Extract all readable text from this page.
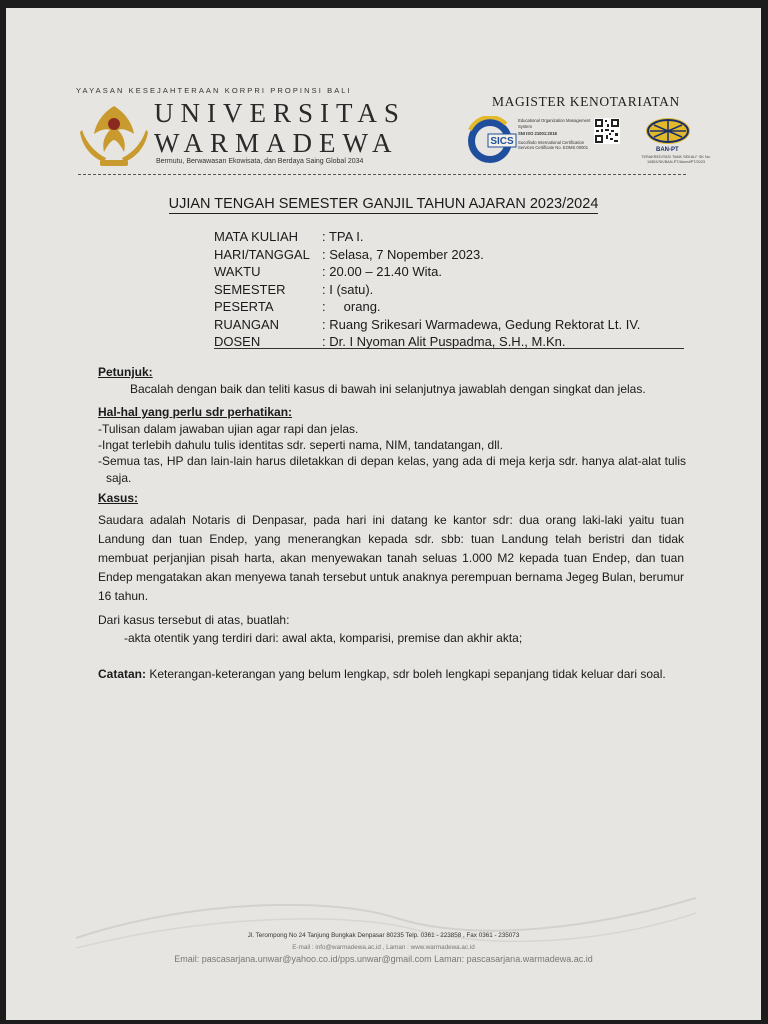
YAYASAN KESEJAHTERAAN KORPRI PROPINSI BALI
UNIVERSITAS
WARMADEWA
Bermutu, Berwawasan Ekowisata, dan Berdaya Saing Global 2034
MAGISTER KENOTARIATAN
SICS
Educational Organization Management System
SNI ISO 21001:2018
Sucofindo International Certification Services Certificate No. EOMS 00001	BAN-PT
TERAKREDITASI "BAIK SEKALI" SK No. 10853/SK/BAN-PT/Akred/PT/2023
UJIAN TENGAH SEMESTER GANJIL TAHUN AJARAN 2023/2024
MATA KULIAH : TPA I.
HARI/TANGGAL : Selasa, 7 Nopember 2023.
WAKTU	: 20.00 – 21.40 Wita.
SEMESTER	: I (satu).
PESERTA	:     orang.
RUANGAN	: Ruang Srikesari Warmadewa, Gedung Rektorat Lt. IV.
DOSEN	: Dr. I Nyoman Alit Puspadma, S.H., M.Kn.
Petunjuk:
Bacalah dengan baik dan teliti kasus di bawah ini selanjutnya jawablah dengan singkat dan jelas.
Hal-hal yang perlu sdr perhatikan:
-Tulisan dalam jawaban ujian agar rapi dan jelas.
-Ingat terlebih dahulu tulis identitas sdr. seperti nama, NIM, tandatangan, dll.
-Semua tas, HP dan lain-lain harus diletakkan di depan kelas, yang ada di meja kerja sdr. hanya alat-alat tulis saja.
Kasus:
Saudara adalah Notaris di Denpasar, pada hari ini datang ke kantor sdr: dua orang laki-laki yaitu tuan Landung dan tuan Endep, yang menerangkan kepada sdr. sbb: tuan Landung telah beristri dan tidak membuat perjanjian pisah harta, akan menyewakan tanah seluas 1.000 M2 kepada tuan Endep, dan tuan Endep mengatakan akan menyewa tanah tersebut untuk anaknya perempuan bernama Jegeg Bulan, berumur 16 tahun.
Dari kasus tersebut di atas, buatlah:
-akta otentik yang terdiri dari: awal akta, komparisi, premise dan akhir akta;
Catatan: Keterangan-keterangan yang belum lengkap, sdr boleh lengkapi sepanjang tidak keluar dari soal.
Jl. Terompong No 24 Tanjung Bungkak Denpasar 80235 Telp. 0361 - 223858 , Fax 0361 - 235073
E-mail : info@warmadewa.ac.id , Laman : www.warmadewa.ac.id
Email: pascasarjana.unwar@yahoo.co.id/pps.unwar@gmail.com Laman: pascasarjana.warmadewa.ac.id
